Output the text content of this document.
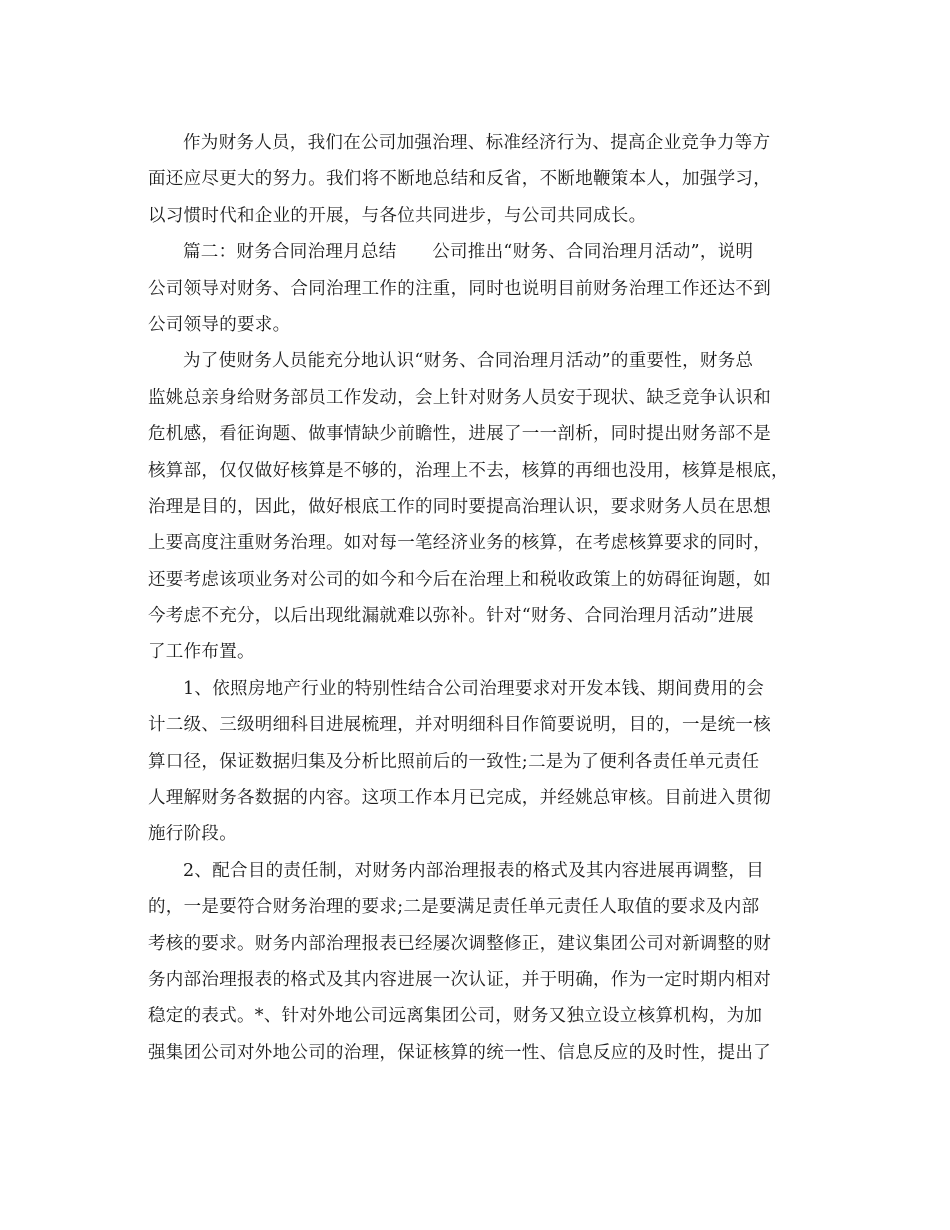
作为财务人员，我们在公司加强治理、标准经济行为、提高企业竞争力等方
面还应尽更大的努力。我们将不断地总结和反省，不断地鞭策本人，加强学习，
以习惯时代和企业的开展，与各位共同进步，与公司共同成长。
篇二：财务合同治理月总结　　公司推出“财务、合同治理月活动”，说明
公司领导对财务、合同治理工作的注重，同时也说明目前财务治理工作还达不到
公司领导的要求。
为了使财务人员能充分地认识“财务、合同治理月活动”的重要性，财务总
监姚总亲身给财务部员工作发动，会上针对财务人员安于现状、缺乏竞争认识和
危机感，看征询题、做事情缺少前瞻性，进展了一一剖析，同时提出财务部不是
核算部，仅仅做好核算是不够的，治理上不去，核算的再细也没用，核算是根底，
治理是目的，因此，做好根底工作的同时要提高治理认识，要求财务人员在思想
上要高度注重财务治理。如对每一笔经济业务的核算，在考虑核算要求的同时，
还要考虑该项业务对公司的如今和今后在治理上和税收政策上的妨碍征询题，如
今考虑不充分，以后出现纰漏就难以弥补。针对“财务、合同治理月活动”进展
了工作布置。
1、依照房地产行业的特别性结合公司治理要求对开发本钱、期间费用的会
计二级、三级明细科目进展梳理，并对明细科目作简要说明，目的，一是统一核
算口径，保证数据归集及分析比照前后的一致性;二是为了便利各责任单元责任
人理解财务各数据的内容。这项工作本月已完成，并经姚总审核。目前进入贯彻
施行阶段。
2、配合目的责任制，对财务内部治理报表的格式及其内容进展再调整，目
的，一是要符合财务治理的要求;二是要满足责任单元责任人取值的要求及内部
考核的要求。财务内部治理报表已经屡次调整修正，建议集团公司对新调整的财
务内部治理报表的格式及其内容进展一次认证，并于明确，作为一定时期内相对
稳定的表式。*、针对外地公司远离集团公司，财务又独立设立核算机构，为加
强集团公司对外地公司的治理，保证核算的统一性、信息反应的及时性，提出了
